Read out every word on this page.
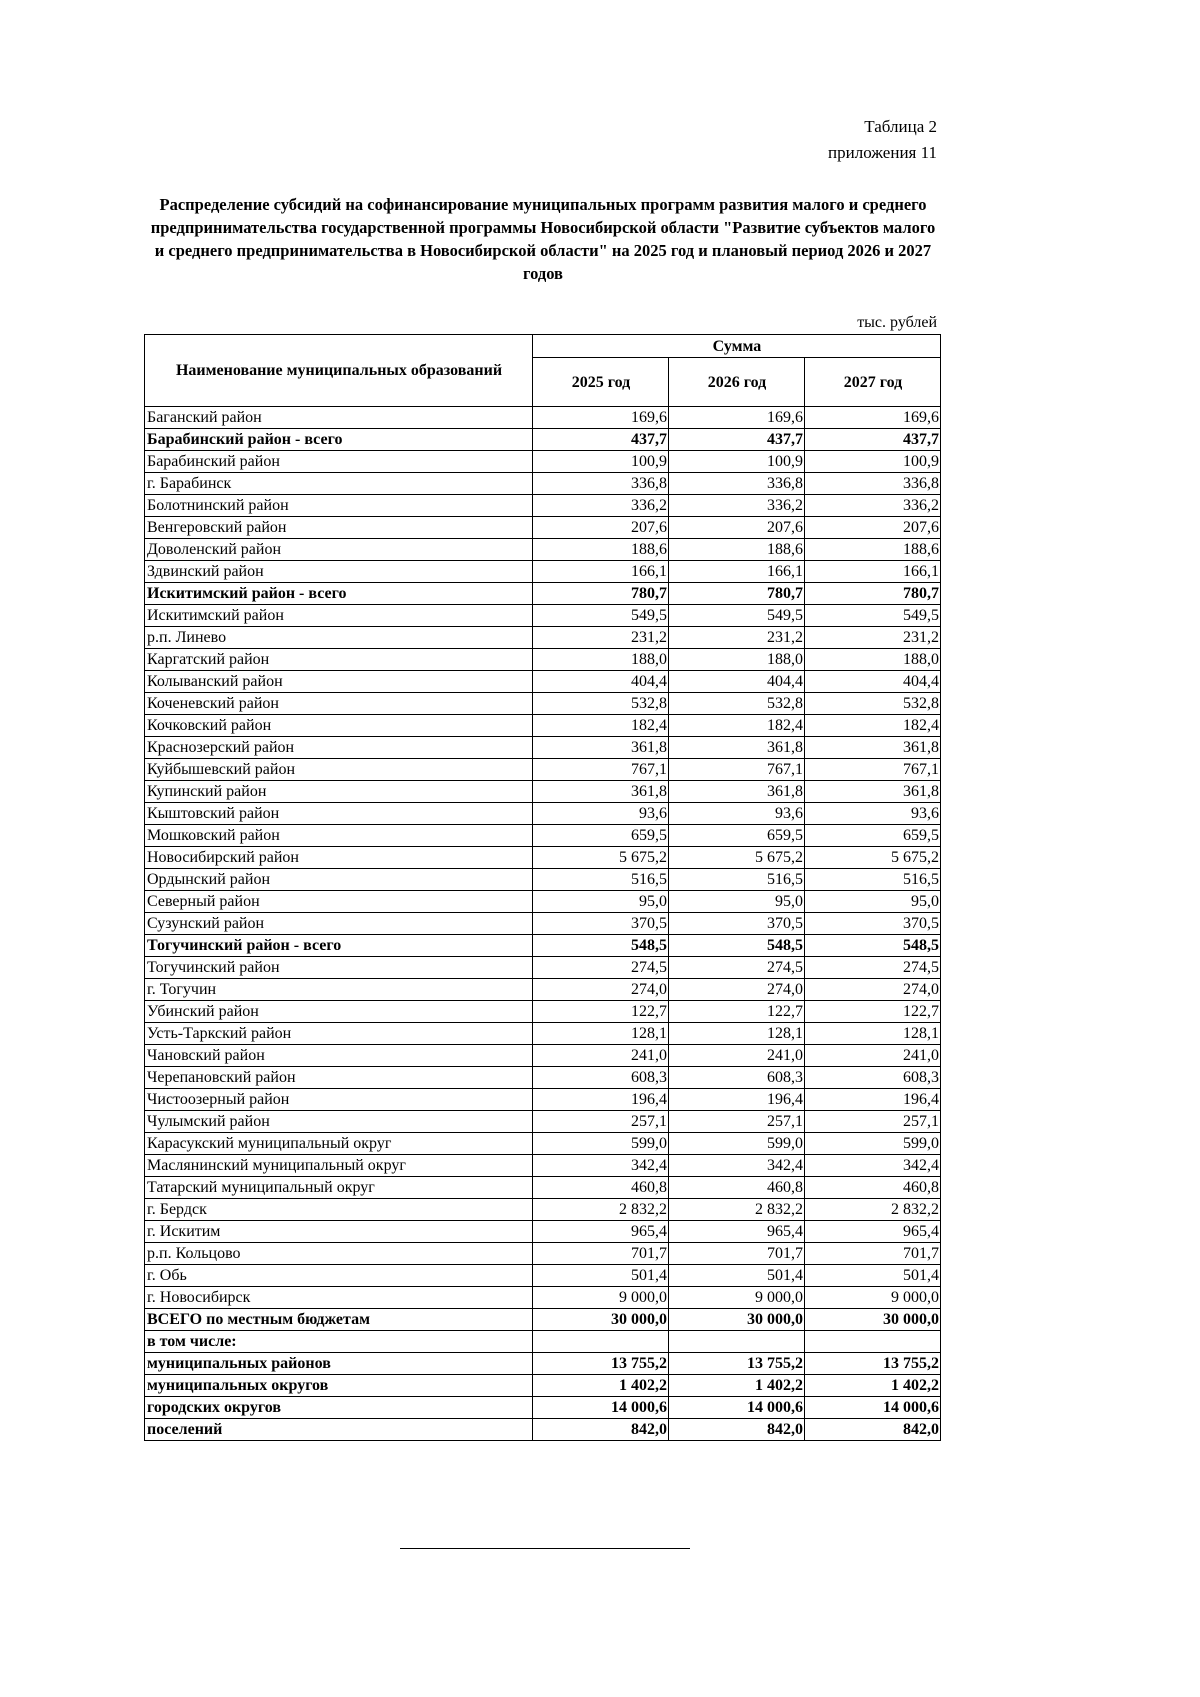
Таблица 2
приложения 11
Распределение субсидий на софинансирование муниципальных программ развития малого и среднего предпринимательства государственной программы Новосибирской области "Развитие субъектов малого и среднего предпринимательства в Новосибирской области" на 2025 год и плановый период 2026 и 2027 годов
тыс. рублей
Наименование муниципальных образований	Сумма		
	2025 год	2026 год	2027 год
Баганский район	169,6	169,6	169,6
Барабинский район - всего	437,7	437,7	437,7
Барабинский район	100,9	100,9	100,9
г. Барабинск	336,8	336,8	336,8
Болотнинский район	336,2	336,2	336,2
Венгеровский район	207,6	207,6	207,6
Доволенский район	188,6	188,6	188,6
Здвинский район	166,1	166,1	166,1
Искитимский район - всего	780,7	780,7	780,7
Искитимский район	549,5	549,5	549,5
р.п. Линево	231,2	231,2	231,2
Каргатский район	188,0	188,0	188,0
Колыванский район	404,4	404,4	404,4
Коченевский район	532,8	532,8	532,8
Кочковский район	182,4	182,4	182,4
Краснозерский район	361,8	361,8	361,8
Куйбышевский район	767,1	767,1	767,1
Купинский район	361,8	361,8	361,8
Кыштовский район	93,6	93,6	93,6
Мошковский район	659,5	659,5	659,5
Новосибирский район	5 675,2	5 675,2	5 675,2
Ордынский район	516,5	516,5	516,5
Северный район	95,0	95,0	95,0
Сузунский район	370,5	370,5	370,5
Тогучинский район - всего	548,5	548,5	548,5
Тогучинский район	274,5	274,5	274,5
г. Тогучин	274,0	274,0	274,0
Убинский район	122,7	122,7	122,7
Усть-Таркский район	128,1	128,1	128,1
Чановский район	241,0	241,0	241,0
Черепановский район	608,3	608,3	608,3
Чистоозерный район	196,4	196,4	196,4
Чулымский район	257,1	257,1	257,1
Карасукский муниципальный округ	599,0	599,0	599,0
Маслянинский муниципальный округ	342,4	342,4	342,4
Татарский муниципальный округ	460,8	460,8	460,8
г. Бердск	2 832,2	2 832,2	2 832,2
г. Искитим	965,4	965,4	965,4
р.п. Кольцово	701,7	701,7	701,7
г. Обь	501,4	501,4	501,4
г. Новосибирск	9 000,0	9 000,0	9 000,0
ВСЕГО по местным бюджетам	30 000,0	30 000,0	30 000,0
в том числе:			
муниципальных районов	13 755,2	13 755,2	13 755,2
муниципальных округов	1 402,2	1 402,2	1 402,2
городских округов	14 000,6	14 000,6	14 000,6
поселений	842,0	842,0	842,0
